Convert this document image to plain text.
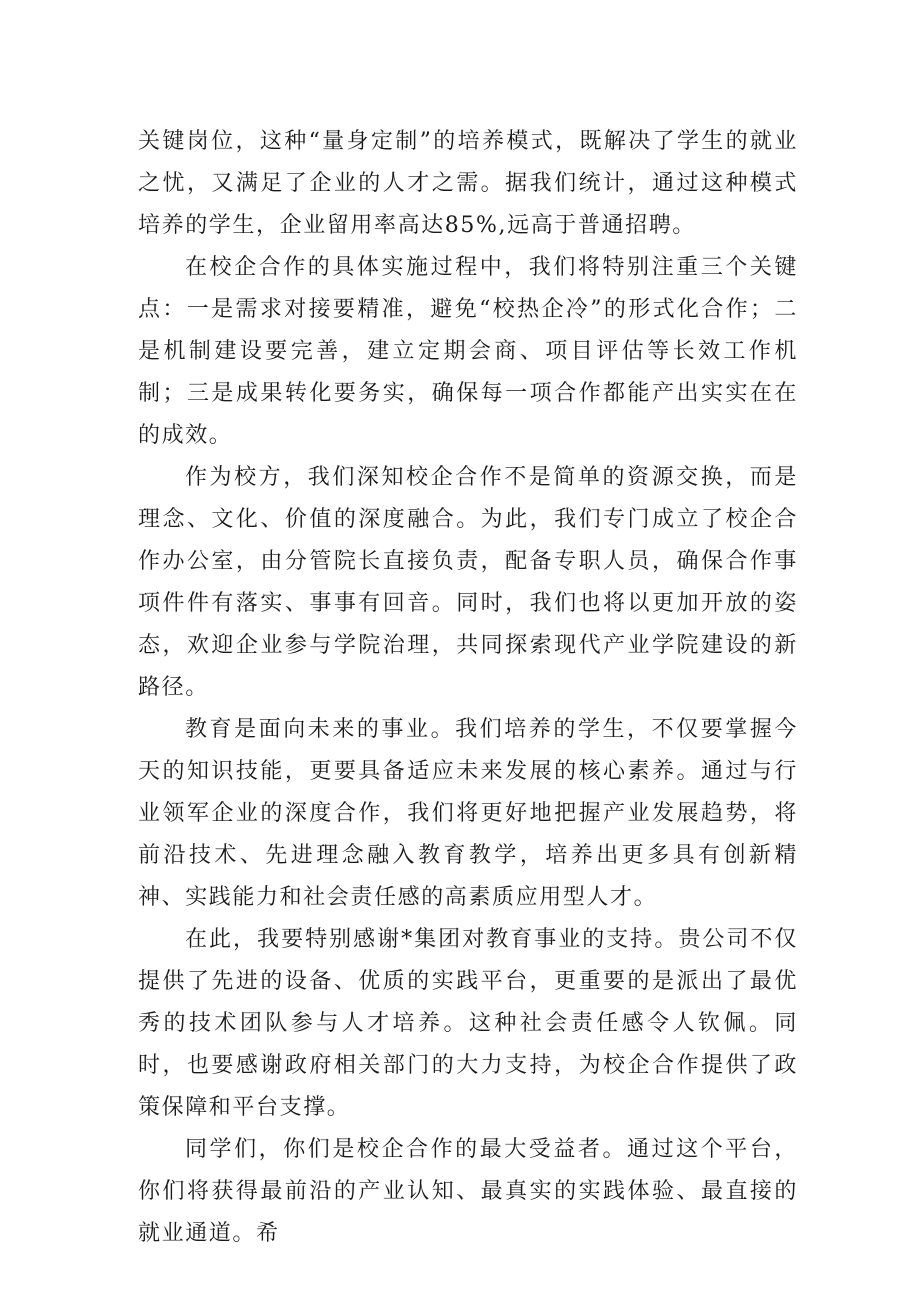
关键岗位，这种“量身定制”的培养模式，既解决了学生的就业之忧，又满足了企业的人才之需。据我们统计，通过这种模式培养的学生，企业留用率高达85%,远高于普通招聘。

在校企合作的具体实施过程中，我们将特别注重三个关键点：一是需求对接要精准，避免“校热企冷”的形式化合作；二是机制建设要完善，建立定期会商、项目评估等长效工作机制；三是成果转化要务实，确保每一项合作都能产出实实在在的成效。

作为校方，我们深知校企合作不是简单的资源交换，而是理念、文化、价值的深度融合。为此，我们专门成立了校企合作办公室，由分管院长直接负责，配备专职人员，确保合作事项件件有落实、事事有回音。同时，我们也将以更加开放的姿态，欢迎企业参与学院治理，共同探索现代产业学院建设的新路径。

教育是面向未来的事业。我们培养的学生，不仅要掌握今天的知识技能，更要具备适应未来发展的核心素养。通过与行业领军企业的深度合作，我们将更好地把握产业发展趋势，将前沿技术、先进理念融入教育教学，培养出更多具有创新精神、实践能力和社会责任感的高素质应用型人才。

在此，我要特别感谢*集团对教育事业的支持。贵公司不仅提供了先进的设备、优质的实践平台，更重要的是派出了最优秀的技术团队参与人才培养。这种社会责任感令人钦佩。同时，也要感谢政府相关部门的大力支持，为校企合作提供了政策保障和平台支撑。

同学们，你们是校企合作的最大受益者。通过这个平台，你们将获得最前沿的产业认知、最真实的实践体验、最直接的就业通道。希
